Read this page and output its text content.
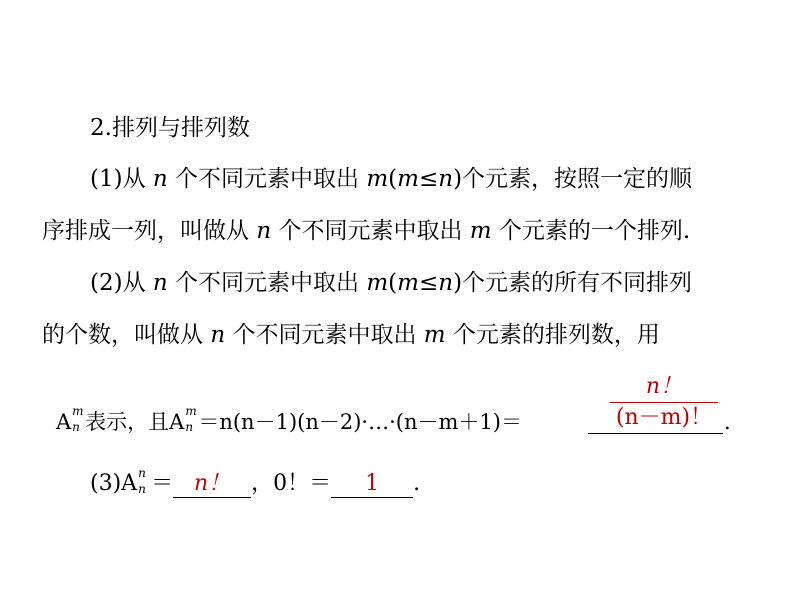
2.排列与排列数
(1)从 n 个不同元素中取出 m(m≤n)个元素，按照一定的顺
序排成一列，叫做从 n 个不同元素中取出 m 个元素的一个排列.
(2)从 n 个不同元素中取出 m(m≤n)个元素的所有不同排列
的个数，叫做从 n 个不同元素中取出 m 个元素的排列数，用
A m
n 表示，且A m
n ＝n(n－1)(n－2)·…·(n－m＋1)＝	.
$\frac{n!}{(n-m)!}$
(3)A n
n ＝ n！ ，0！＝ 1 .
